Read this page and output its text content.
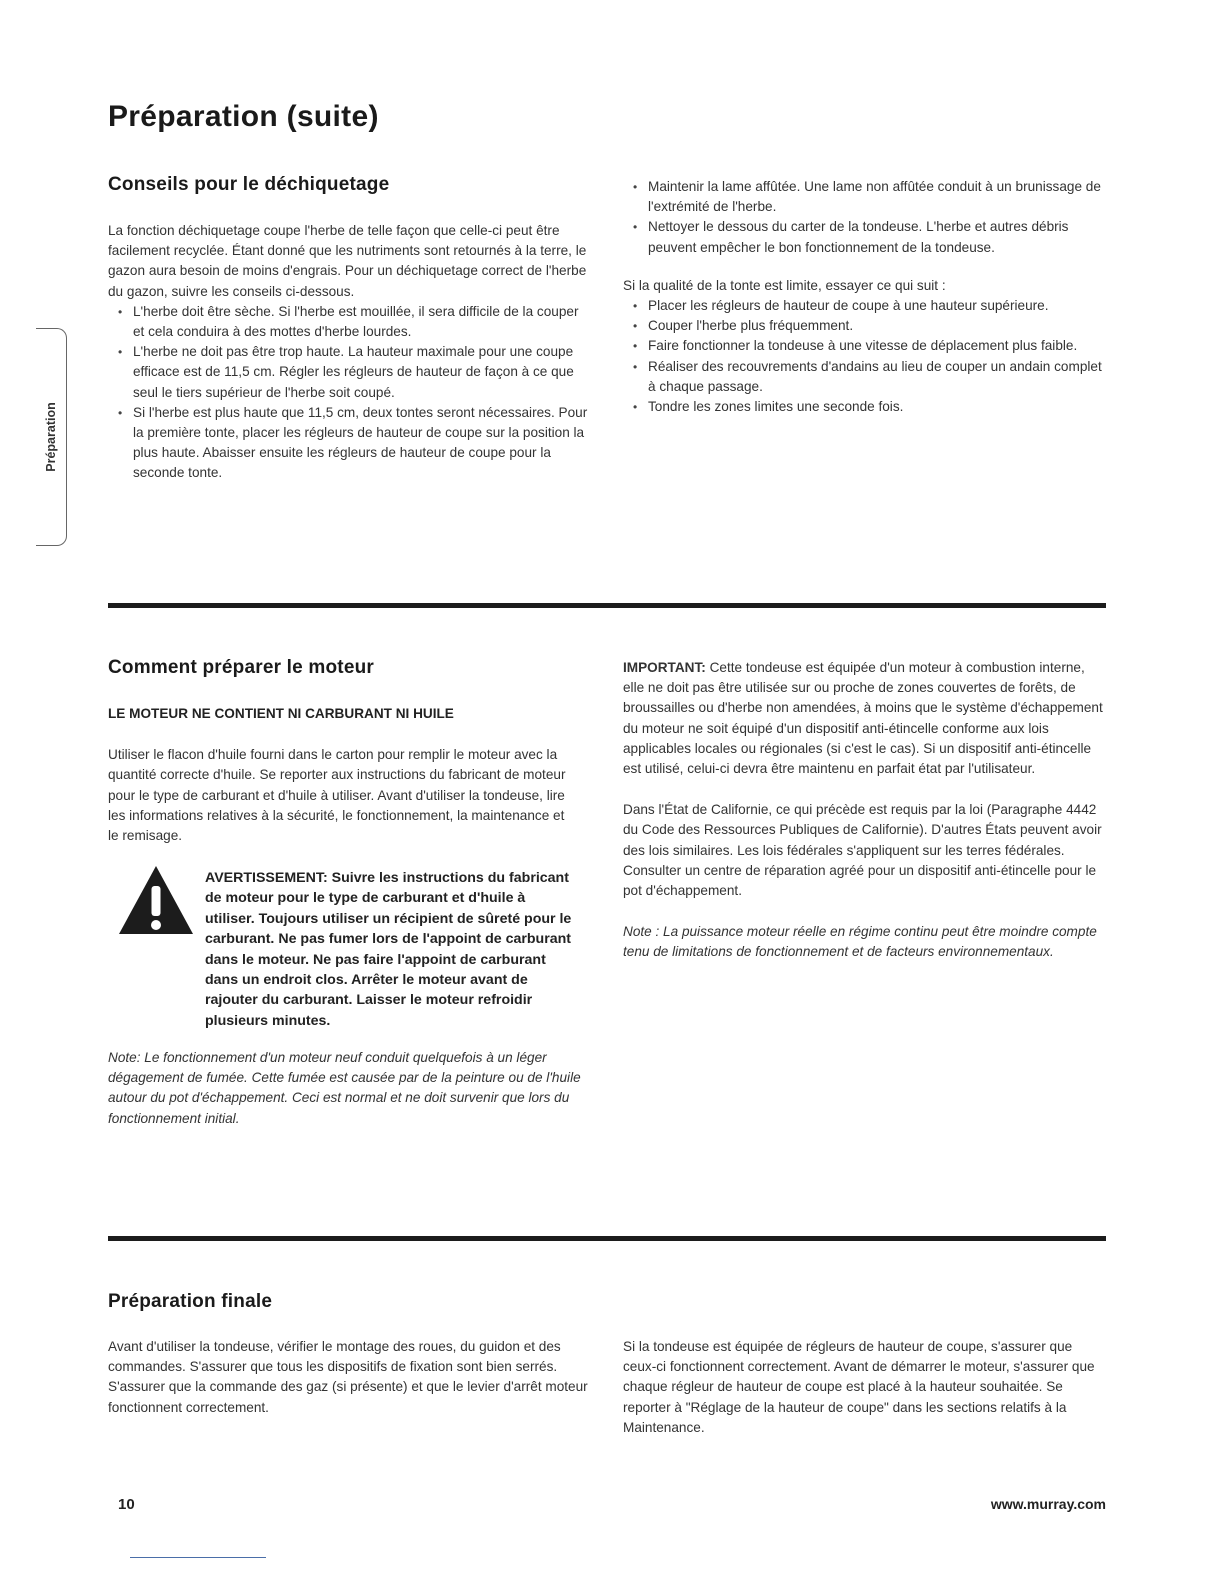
Préparation (suite)
Préparation
Conseils pour le déchiquetage

La fonction déchiquetage coupe l'herbe de telle façon que celle-ci peut être facilement recyclée. Étant donné que les nutriments sont retournés à la terre, le gazon aura besoin de moins d'engrais. Pour un déchiquetage correct de l'herbe du gazon, suivre les conseils ci-dessous.

• L'herbe doit être sèche. Si l'herbe est mouillée, il sera difficile de la couper et cela conduira à des mottes d'herbe lourdes.
• L'herbe ne doit pas être trop haute. La hauteur maximale pour une coupe efficace est de 11,5 cm. Régler les régleurs de hauteur de façon à ce que seul le tiers supérieur de l'herbe soit coupé.
• Si l'herbe est plus haute que 11,5 cm, deux tontes seront nécessaires. Pour la première tonte, placer les régleurs de hauteur de coupe sur la position la plus haute. Abaisser ensuite les régleurs de hauteur de coupe pour la seconde tonte.
• Maintenir la lame affûtée. Une lame non affûtée conduit à un brunissage de l'extrémité de l'herbe.
• Nettoyer le dessous du carter de la tondeuse. L'herbe et autres débris peuvent empêcher le bon fonctionnement de la tondeuse.

Si la qualité de la tonte est limite, essayer ce qui suit :

• Placer les régleurs de hauteur de coupe à une hauteur supérieure.
• Couper l'herbe plus fréquemment.
• Faire fonctionner la tondeuse à une vitesse de déplacement plus faible.
• Réaliser des recouvrements d'andains au lieu de couper un andain complet à chaque passage.
• Tondre les zones limites une seconde fois.
Comment préparer le moteur

LE MOTEUR NE CONTIENT NI CARBURANT NI HUILE

Utiliser le flacon d'huile fourni dans le carton pour remplir le moteur avec la quantité correcte d'huile. Se reporter aux instructions du fabricant de moteur pour le type de carburant et d'huile à utiliser. Avant d'utiliser la tondeuse, lire les informations relatives à la sécurité, le fonctionnement, la maintenance et le remisage.

AVERTISSEMENT: Suivre les instructions du fabricant de moteur pour le type de carburant et d'huile à utiliser. Toujours utiliser un récipient de sûreté pour le carburant. Ne pas fumer lors de l'appoint de carburant dans le moteur. Ne pas faire l'appoint de carburant dans un endroit clos. Arrêter le moteur avant de rajouter du carburant. Laisser le moteur refroidir plusieurs minutes.
Note: Le fonctionnement d'un moteur neuf conduit quelquefois à un léger dégagement de fumée. Cette fumée est causée par de la peinture ou de l'huile autour du pot d'échappement. Ceci est normal et ne doit survenir que lors du fonctionnement initial.

IMPORTANT: Cette tondeuse est équipée d'un moteur à combustion interne, elle ne doit pas être utilisée sur ou proche de zones couvertes de forêts, de broussailles ou d'herbe non amendées, à moins que le système d'échappement du moteur ne soit équipé d'un dispositif anti-étincelle conforme aux lois applicables locales ou régionales (si c'est le cas). Si un dispositif anti-étincelle est utilisé, celui-ci devra être maintenu en parfait état par l'utilisateur.

Dans l'État de Californie, ce qui précède est requis par la loi (Paragraphe 4442 du Code des Ressources Publiques de Californie). D'autres États peuvent avoir des lois similaires. Les lois fédérales s'appliquent sur les terres fédérales. Consulter un centre de réparation agréé pour un dispositif anti-étincelle pour le pot d'échappement.

Note : La puissance moteur réelle en régime continu peut être moindre compte tenu de limitations de fonctionnement et de facteurs environnementaux.

Préparation finale
Avant d'utiliser la tondeuse, vérifier le montage des roues, du guidon et des commandes. S'assurer que tous les dispositifs de fixation sont bien serrés. S'assurer que la commande des gaz (si présente) et que le levier d'arrêt moteur fonctionnent correctement.
Si la tondeuse est équipée de régleurs de hauteur de coupe, s'assurer que ceux-ci fonctionnent correctement. Avant de démarrer le moteur, s'assurer que chaque régleur de hauteur de coupe est placé à la hauteur souhaitée. Se reporter à "Réglage de la hauteur de coupe" dans les sections relatifs à la Maintenance.
10	www.murray.com
